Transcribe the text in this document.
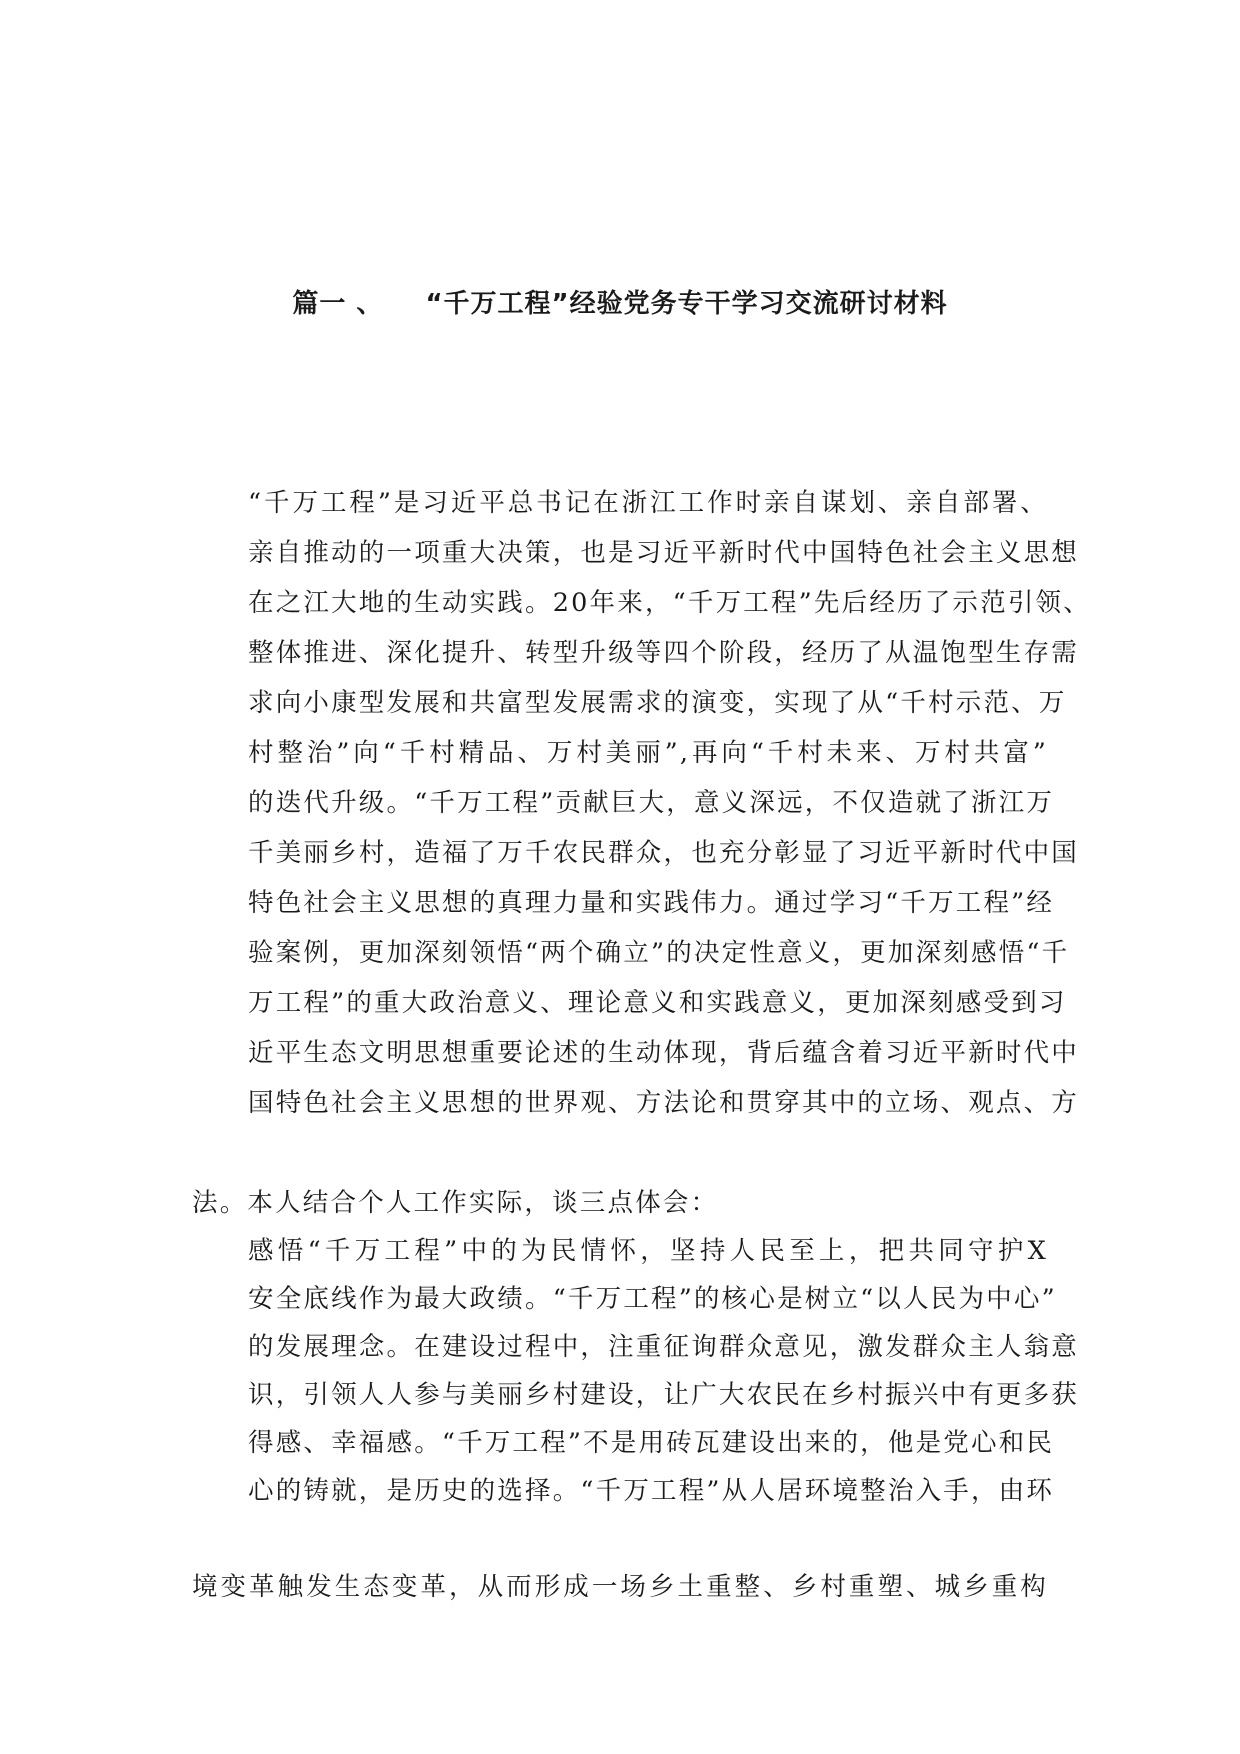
篇一 、 “千万工程”经验党务专干学习交流研讨材料
“千万工程”是习近平总书记在浙江工作时亲自谋划、亲自部署、
亲自推动的一项重大决策，也是习近平新时代中国特色社会主义思想
在之江大地的生动实践。20年来，“千万工程”先后经历了示范引领、
整体推进、深化提升、转型升级等四个阶段，经历了从温饱型生存需
求向小康型发展和共富型发展需求的演变，实现了从“千村示范、万
村整治”向“千村精品、万村美丽”,再向“千村未来、万村共富”
的迭代升级。“千万工程”贡献巨大，意义深远，不仅造就了浙江万
千美丽乡村，造福了万千农民群众，也充分彰显了习近平新时代中国
特色社会主义思想的真理力量和实践伟力。通过学习“千万工程”经
验案例，更加深刻领悟“两个确立”的决定性意义，更加深刻感悟“千
万工程”的重大政治意义、理论意义和实践意义，更加深刻感受到习
近平生态文明思想重要论述的生动体现，背后蕴含着习近平新时代中
国特色社会主义思想的世界观、方法论和贯穿其中的立场、观点、方
法。本人结合个人工作实际，谈三点体会：
感悟“千万工程”中的为民情怀，坚持人民至上，把共同守护X
安全底线作为最大政绩。“千万工程”的核心是树立“以人民为中心”
的发展理念。在建设过程中，注重征询群众意见，激发群众主人翁意
识，引领人人参与美丽乡村建设，让广大农民在乡村振兴中有更多获
得感、幸福感。“千万工程”不是用砖瓦建设出来的，他是党心和民
心的铸就，是历史的选择。“千万工程”从人居环境整治入手，由环
境变革触发生态变革，从而形成一场乡土重整、乡村重塑、城乡重构
